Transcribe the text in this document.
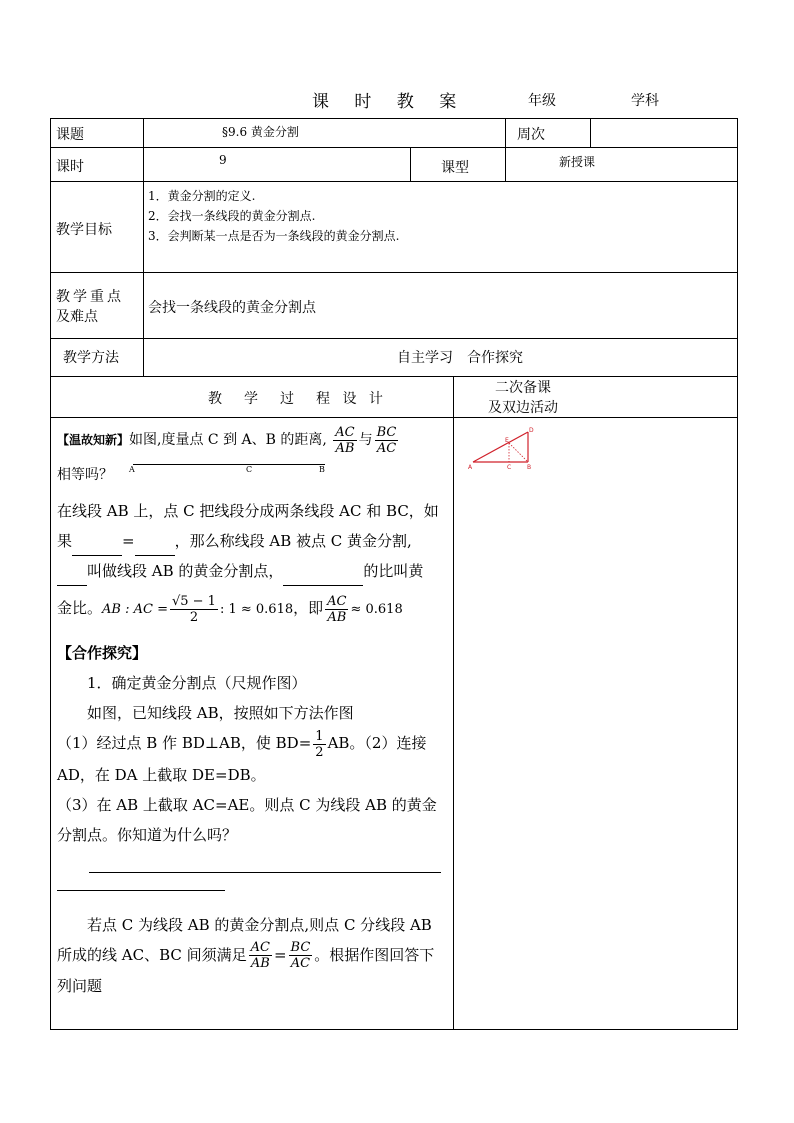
课 时 教 案	年级	学科
课题	§9.6 黄金分割	周次
课时	9	课型	新授课
教学目标
1．黄金分割的定义.
2．会找一条线段的黄金分割点.
3．会判断某一点是否为一条线段的黄金分割点.
教学重点
及难点
会找一条线段的黄金分割点
教学方法	自主学习　合作探究
教　学　过　程 设 计
二次备课
及双边活动
【温故知新】如图,度量点 C 到 A、B 的距离, $\frac{AC}{AB}$ 与 $\frac{BC}{AC}$
相等吗？ A	C	B
在线段 AB 上，点 C 把线段分成两条线段 AC 和 BC，如
果	=	，那么称线段 AB 被点 C 黄金分割,
叫做线段 AB 的黄金分割点，	的比叫黄
金比。AB : AC = $\frac{√5 - 1}{2}$ : 1 ≈ 0.618，即 $\frac{AC}{AB} \approx 0.618$
【合作探究】
1．确定黄金分割点（尺规作图）
如图，已知线段 AB，按照如下方法作图
（1）经过点 B 作 BD⊥AB，使 $BD= \frac{1}{2}$ AB。（2）连接
AD，在 DA 上截取 DE=DB。
（3）在 AB 上截取 AC=AE。则点 C 为线段 AB 的黄金
分割点。你知道为什么吗？
若点 C 为线段 AB 的黄金分割点,则点 C 分线段 AB
所成的线 AC、BC 间须满足 $\frac{AC}{AB} = \frac{BC}{AC}$ 。根据作图回答下
列问题
A	C	B
D
E
